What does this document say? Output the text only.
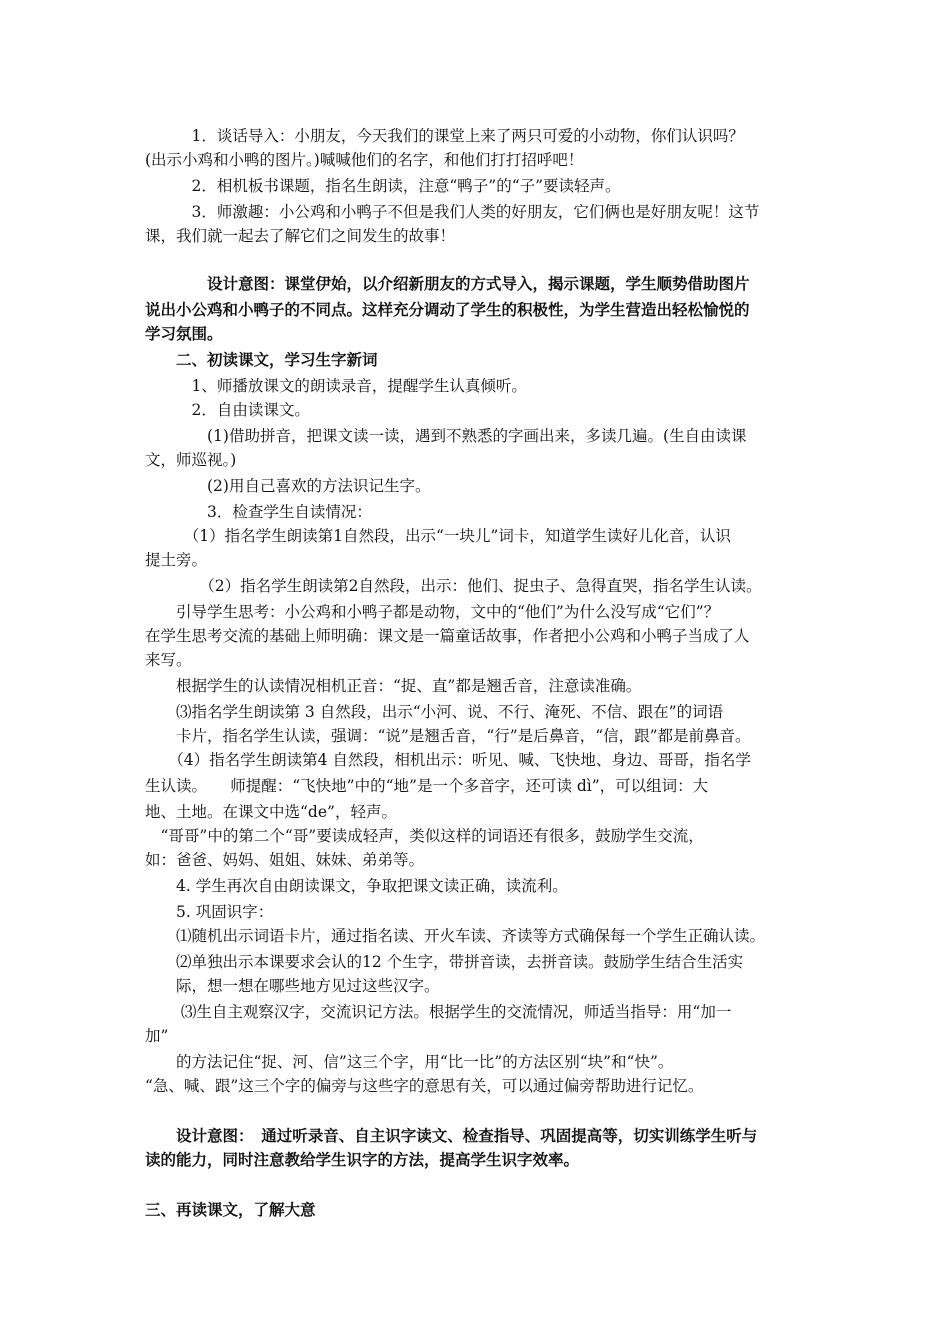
　　　1．谈话导入：小朋友，今天我们的课堂上来了两只可爱的小动物，你们认识吗？
(出示小鸡和小鸭的图片。)喊喊他们的名字，和他们打打招呼吧！
　　　2．相机板书课题，指名生朗读，注意“鸭子”的“子”要读轻声。
　　　3．师激趣：小公鸡和小鸭子不但是我们人类的好朋友，它们俩也是好朋友呢！这节
课，我们就一起去了解它们之间发生的故事！
　　　　设计意图：课堂伊始，以介绍新朋友的方式导入，揭示课题，学生顺势借助图片
说出小公鸡和小鸭子的不同点。这样充分调动了学生的积极性，为学生营造出轻松愉悦的
学习氛围。
　　二、初读课文，学习生字新词
　　　1、师播放课文的朗读录音，提醒学生认真倾听。
　　　2．自由读课文。
　　　　(1)借助拼音，把课文读一读，遇到不熟悉的字画出来，多读几遍。(生自由读课
文，师巡视。)
　　　　(2)用自己喜欢的方法识记生字。
　　　　3．检查学生自读情况：
　　　（1）指名学生朗读第1自然段，出示“一块儿”词卡，知道学生读好儿化音，认识
提土旁。
　　　　（2）指名学生朗读第2自然段，出示：他们、捉虫子、急得直哭，指名学生认读。
　　引导学生思考：小公鸡和小鸭子都是动物，文中的“他们”为什么没写成“它们”？
在学生思考交流的基础上师明确：课文是一篇童话故事，作者把小公鸡和小鸭子当成了人
来写。
　　根据学生的认读情况相机正音：“捉、直”都是翘舌音，注意读准确。
　　⑶指名学生朗读第 3 自然段，出示“小河、说、不行、淹死、不信、跟在”的词语
　　卡片，指名学生认读，强调：“说”是翘舌音，“行”是后鼻音，“信，跟”都是前鼻音。
　　（4）指名学生朗读第4 自然段，相机出示：听见、喊、飞快地、身边、哥哥，指名学
生认读。　　师提醒：“飞快地”中的“地”是一个多音字，还可读 dì”，可以组词：大
地、土地。在课文中选“de”，轻声。
　“哥哥”中的第二个“哥”要读成轻声，类似这样的词语还有很多，鼓励学生交流，
如：爸爸、妈妈、姐姐、妹妹、弟弟等。
　　4. 学生再次自由朗读课文，争取把课文读正确，读流利。
　　5. 巩固识字：
　　⑴随机出示词语卡片，通过指名读、开火车读、齐读等方式确保每一个学生正确认读。
　　⑵单独出示本课要求会认的12 个生字，带拼音读，去拼音读。鼓励学生结合生活实
　　际，想一想在哪些地方见过这些汉字。
　　 ⑶生自主观察汉字，交流识记方法。根据学生的交流情况，师适当指导：用“加一
加”
　　的方法记住“捉、河、信”这三个字，用“比一比”的方法区别“块”和“快”。
“急、喊、跟”这三个字的偏旁与这些字的意思有关，可以通过偏旁帮助进行记忆。
　　设计意图：　通过听录音、自主识字读文、检查指导、巩固提高等，切实训练学生听与
读的能力，同时注意教给学生识字的方法，提高学生识字效率。
三、再读课文，了解大意
